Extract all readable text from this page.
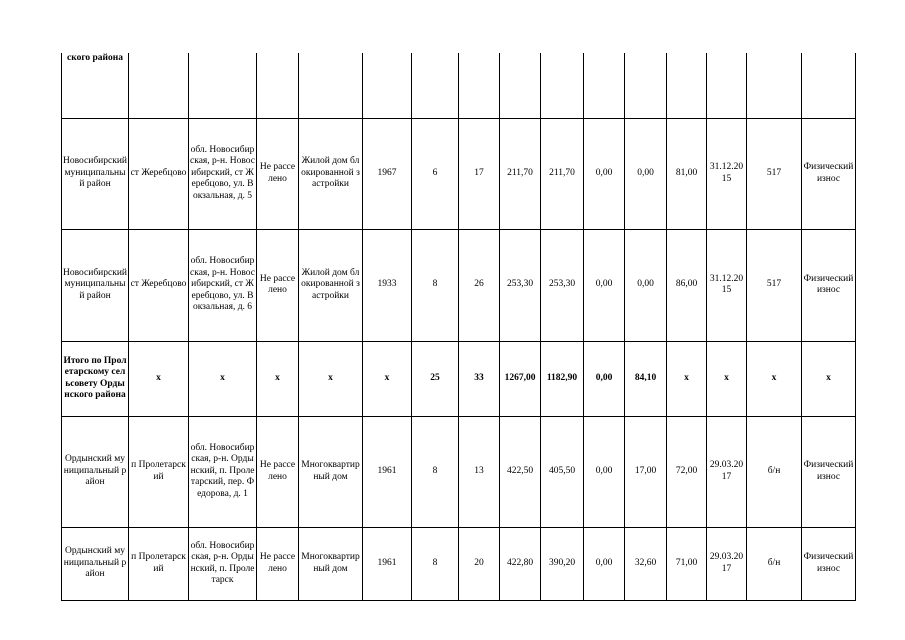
ского района															
Новосибирский муниципальный район	ст Жеребцово	обл. Новосибирская, р-н. Новосибирский, ст Жеребцово, ул. Вокзальная, д. 5	Не расселено	Жилой дом блокированной застройки	1967	6	17	211,70	211,70	0,00	0,00	81,00	31.12.2015	517	Физический износ
Новосибирский муниципальный район	ст Жеребцово	обл. Новосибирская, р-н. Новосибирский, ст Жеребцово, ул. Вокзальная, д. 6	Не расселено	Жилой дом блокированной застройки	1933	8	26	253,30	253,30	0,00	0,00	86,00	31.12.2015	517	Физический износ
Итого по Пролетарскому сельсовету Ордынского района	x	x	x	x	x	25	33	1267,00	1182,90	0,00	84,10	x	x	x	x
Ордынский муниципальный район	п Пролетарский	обл. Новосибирская, р-н. Ордынский, п. Пролетарский, пер. Федорова, д. 1	Не расселено	Многоквартирный дом	1961	8	13	422,50	405,50	0,00	17,00	72,00	29.03.2017	б/н	Физический износ
Ордынский муниципальный район	п Пролетарский	обл. Новосибирская, р-н. Ордынский, п. Пролетарск	Не расселено	Многоквартирный дом	1961	8	20	422,80	390,20	0,00	32,60	71,00	29.03.2017	б/н	Физический износ
